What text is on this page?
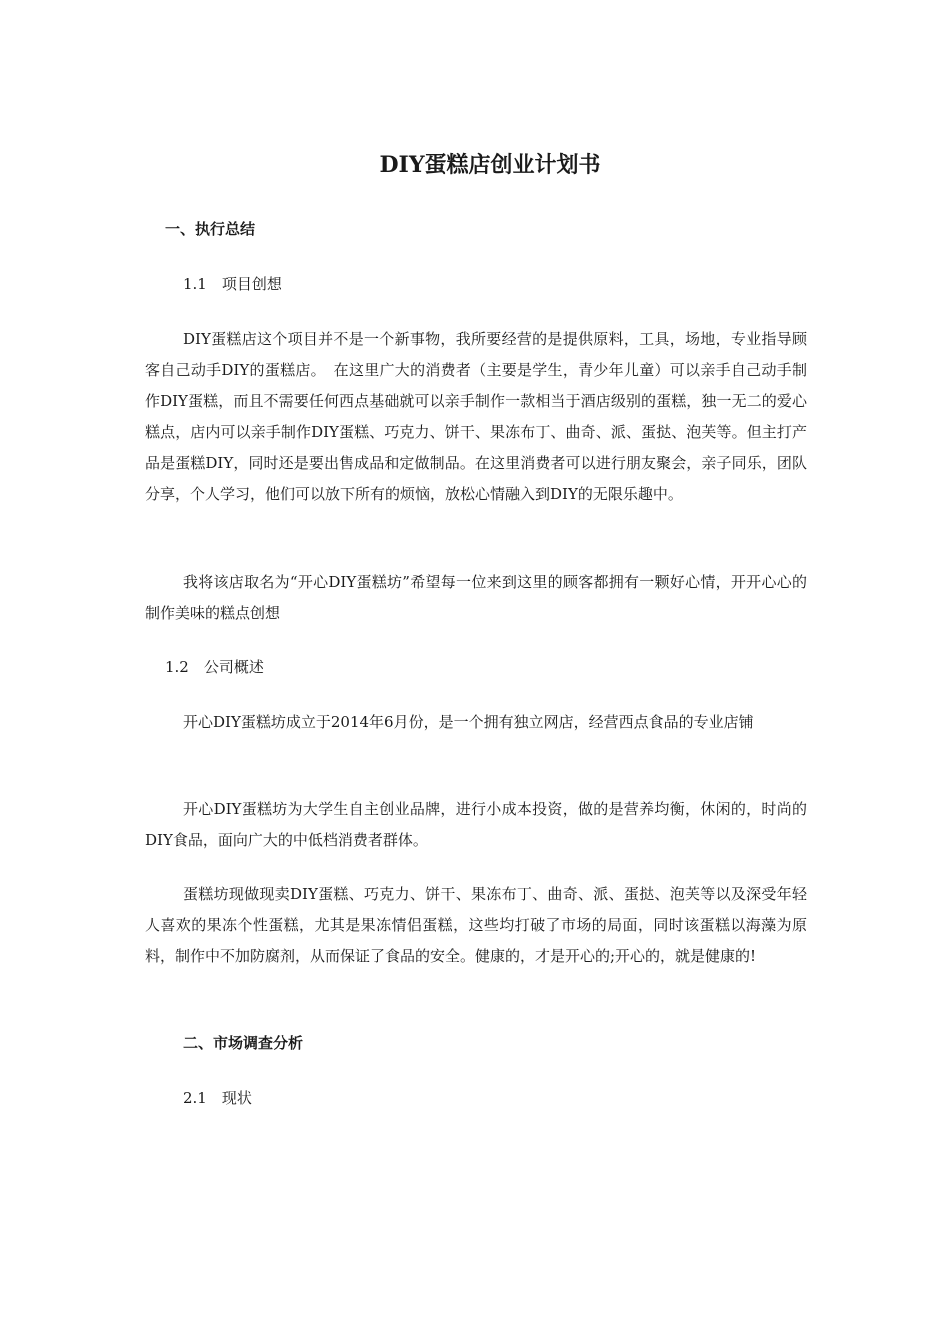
DIY蛋糕店创业计划书
一、执行总结
1.1　项目创想

DIY蛋糕店这个项目并不是一个新事物，我所要经营的是提供原料，工具，场地，专业指导顾客自己动手DIY的蛋糕店。　在这里广大的消费者（主要是学生，青少年儿童）可以亲手自己动手制作DIY蛋糕，而且不需要任何西点基础就可以亲手制作一款相当于酒店级别的蛋糕，独一无二的爱心糕点，店内可以亲手制作DIY蛋糕、巧克力、饼干、果冻布丁、曲奇、派、蛋挞、泡芙等。但主打产品是蛋糕DIY，同时还是要出售成品和定做制品。在这里消费者可以进行朋友聚会，亲子同乐，团队分享，个人学习，他们可以放下所有的烦恼，放松心情融入到DIY的无限乐趣中。

我将该店取名为“开心DIY蛋糕坊”希望每一位来到这里的顾客都拥有一颗好心情，开开心心的制作美味的糕点创想

1.2　公司概述

开心DIY蛋糕坊成立于2014年6月份，是一个拥有独立网店，经营西点食品的专业店铺

开心DIY蛋糕坊为大学生自主创业品牌，进行小成本投资，做的是营养均衡，休闲的，时尚的DIY食品，面向广大的中低档消费者群体。

蛋糕坊现做现卖DIY蛋糕、巧克力、饼干、果冻布丁、曲奇、派、蛋挞、泡芙等以及深受年轻人喜欢的果冻个性蛋糕，尤其是果冻情侣蛋糕，这些均打破了市场的局面，同时该蛋糕以海藻为原料，制作中不加防腐剂，从而保证了食品的安全。健康的，才是开心的;开心的，就是健康的!

二、市场调查分析
2.1　现状
